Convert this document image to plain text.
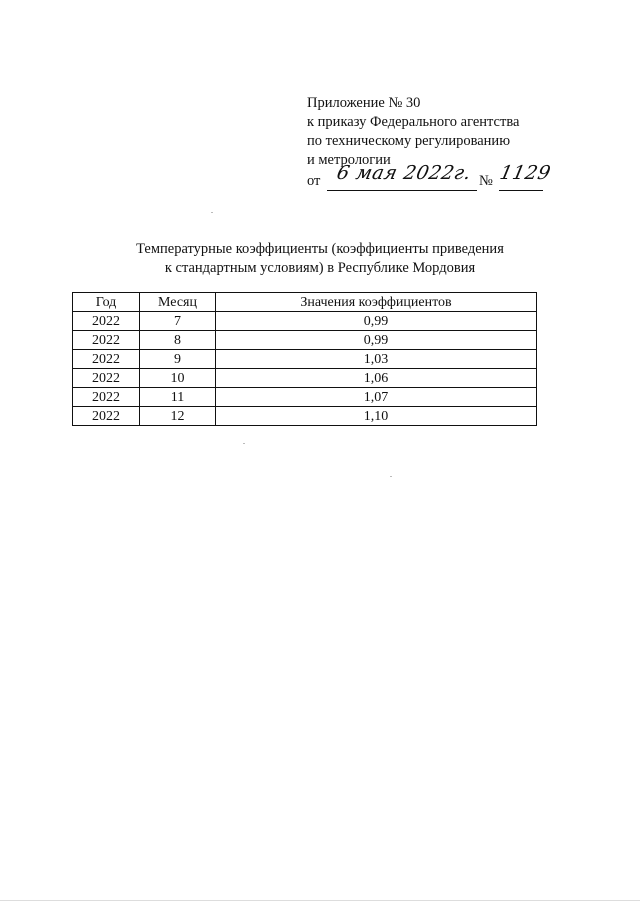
Приложение № 30
к приказу Федерального агентства
по техническому регулированию
и метрологии
от 6 мая 2022г. № 1129
Температурные коэффициенты (коэффициенты приведения
к стандартным условиям) в Республике Мордовия
Год	Месяц	Значения коэффициентов
2022	7	0,99
2022	8	0,99
2022	9	1,03
2022	10	1,06
2022	11	1,07
2022	12	1,10
